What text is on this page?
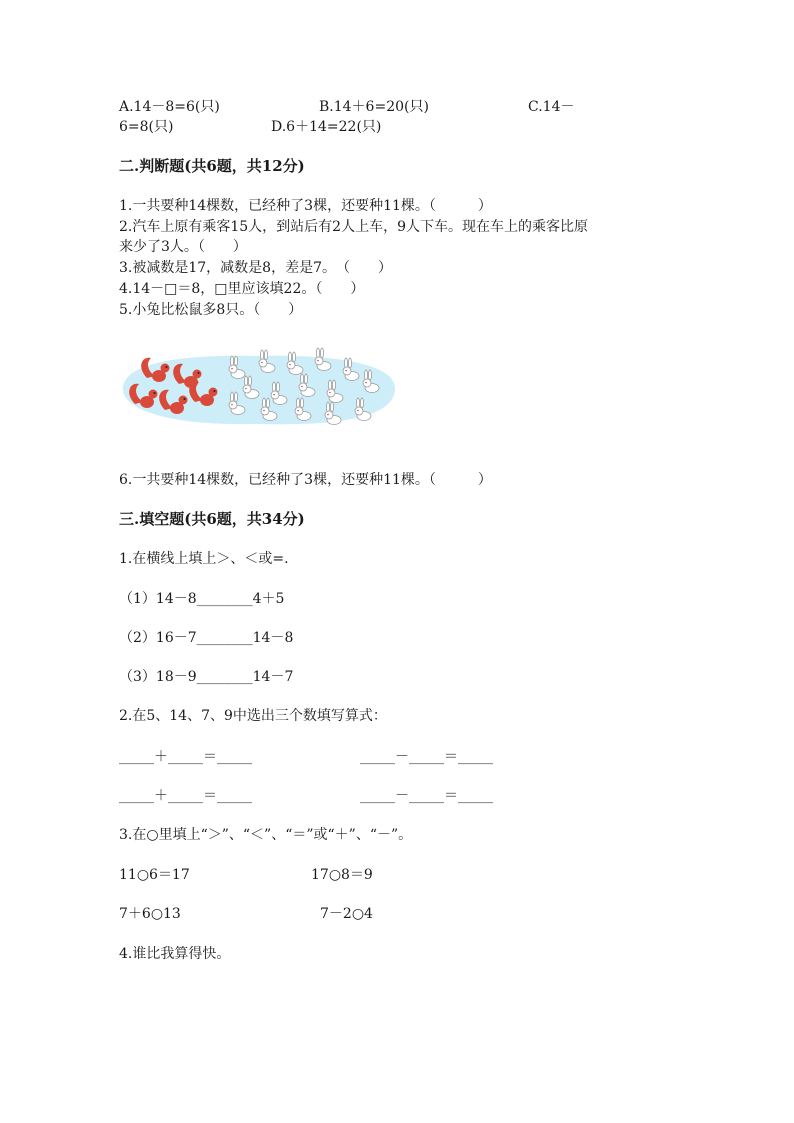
A.14－8=6(只)	B.14＋6=20(只)	C.14－
6=8(只)	D.6＋14=22(只)
二.判断题(共6题，共12分)
1.一共要种14棵数，已经种了3棵，还要种11棵。（　　　）
2.汽车上原有乘客15人，到站后有2人上车，9人下车。现在车上的乘客比原
来少了3人。（　　）
3.被减数是17，减数是8，差是7。　（　　）
4.14－□＝8，□里应该填22。（　　）
5.小兔比松鼠多8只。（　　）
6.一共要种14棵数，已经种了3棵，还要种11棵。（　　　）
三.填空题(共6题，共34分)
1.在横线上填上＞、＜或=.
（1）14－8________4＋5
（2）16－7________14－8
（3）18－9________14－7
2.在5、14、7、9中选出三个数填写算式：
_____＋_____＝_____	_____－_____＝_____
_____＋_____＝_____	_____－_____＝_____
3.在○里填上“＞”、“＜”、“＝”或“＋”、“－”。
11○6＝17	17○8＝9
7＋6○13	7－2○4
4.谁比我算得快。
